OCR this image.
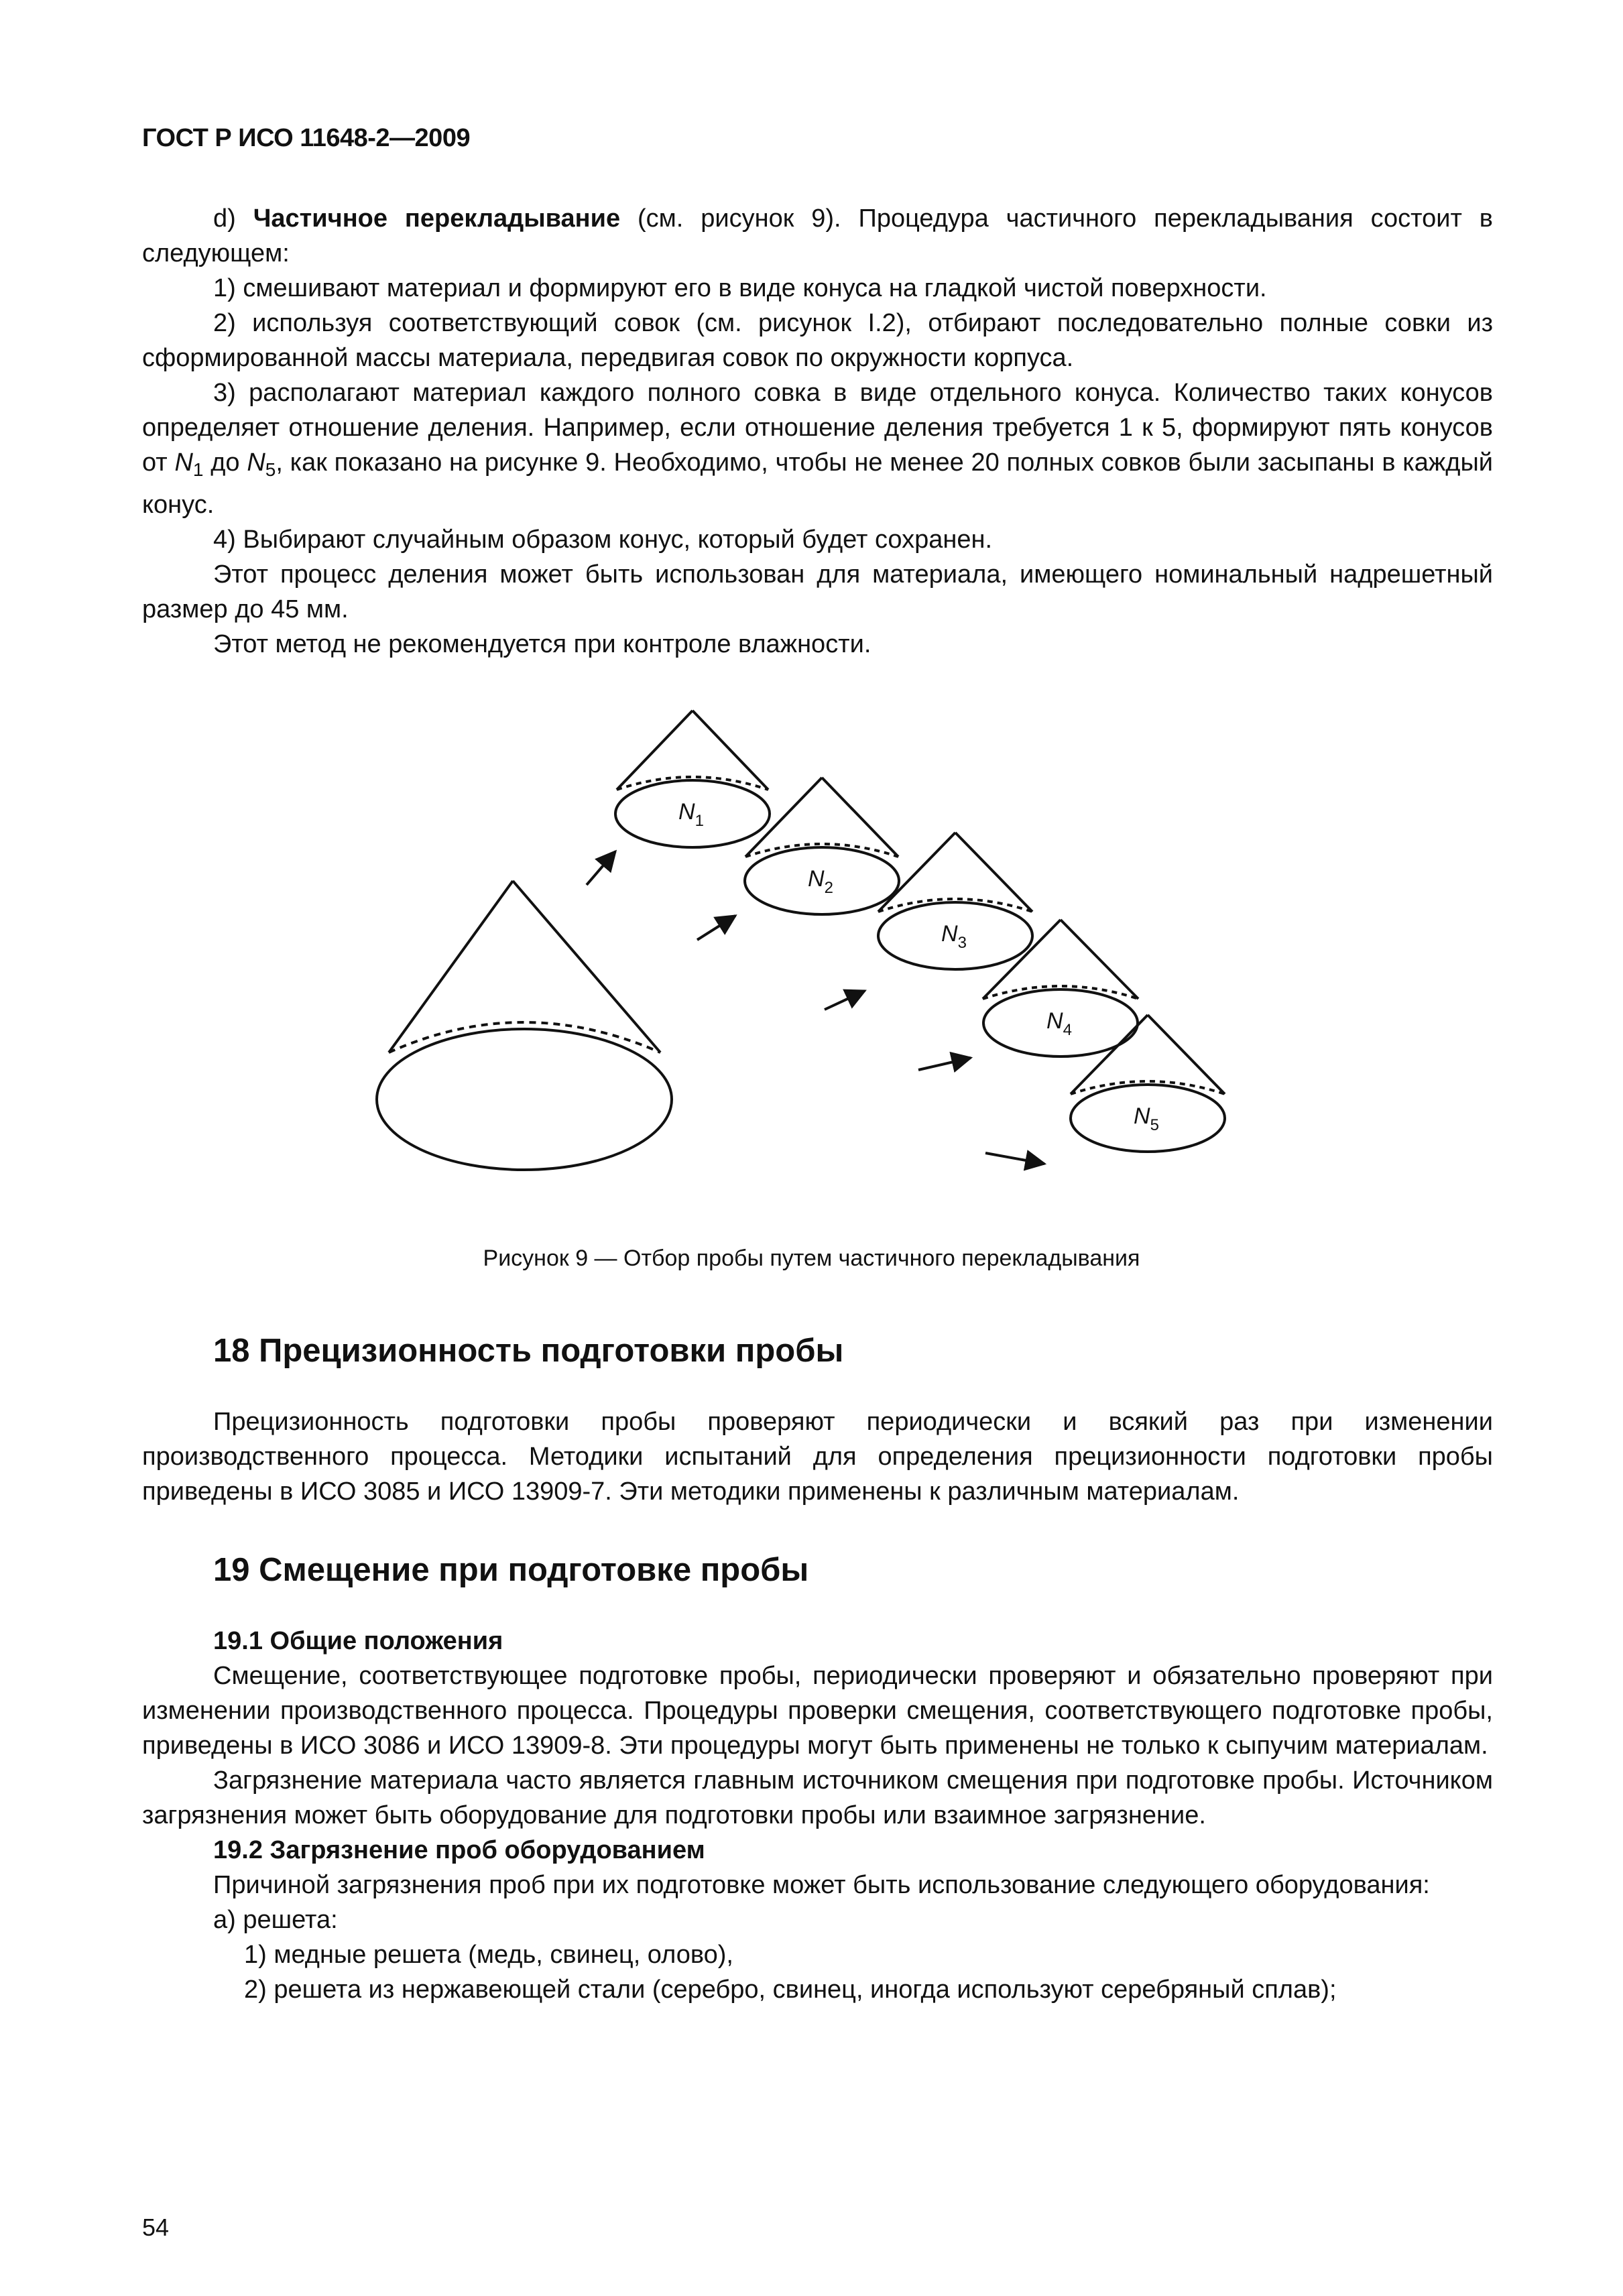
ГОСТ Р ИСО 11648-2—2009

d) Частичное перекладывание (см. рисунок 9). Процедура частичного перекладывания состоит в следующем:

1) смешивают материал и формируют его в виде конуса на гладкой чистой поверхности.

2) используя соответствующий совок (см. рисунок I.2), отбирают последовательно полные совки из сформированной массы материала, передвигая совок по окружности корпуса.

3) располагают материал каждого полного совка в виде отдельного конуса. Количество таких конусов определяет отношение деления. Например, если отношение деления требуется 1 к 5, формируют пять конусов от $N_1$ до $N_5$, как показано на рисунке 9. Необходимо, чтобы не менее 20 полных совков были засыпаны в каждый конус.

4) Выбирают случайным образом конус, который будет сохранен.

Этот процесс деления может быть использован для материала, имеющего номинальный надрешетный размер до 45 мм.

Этот метод не рекомендуется при контроле влажности.

$N_1$
$N_2$
$N_3$
$N_4$
$N_5$
Рисунок 9 — Отбор пробы путем частичного перекладывания
18 Прецизионность подготовки пробы

Прецизионность подготовки пробы проверяют периодически и всякий раз при изменении производственного процесса. Методики испытаний для определения прецизионности подготовки пробы приведены в ИСО 3085 и ИСО 13909-7. Эти методики применены к различным материалам.

19 Смещение при подготовке пробы

19.1 Общие положения

Смещение, соответствующее подготовке пробы, периодически проверяют и обязательно проверяют при изменении производственного процесса. Процедуры проверки смещения, соответствующего подготовке пробы, приведены в ИСО 3086 и ИСО 13909-8. Эти процедуры могут быть применены не только к сыпучим материалам.

Загрязнение материала часто является главным источником смещения при подготовке пробы. Источником загрязнения может быть оборудование для подготовки пробы или взаимное загрязнение.

19.2 Загрязнение проб оборудованием

Причиной загрязнения проб при их подготовке может быть использование следующего оборудования:

а) решета:

1) медные решета (медь, свинец, олово),

2) решета из нержавеющей стали (серебро, свинец, иногда используют серебряный сплав);

54
